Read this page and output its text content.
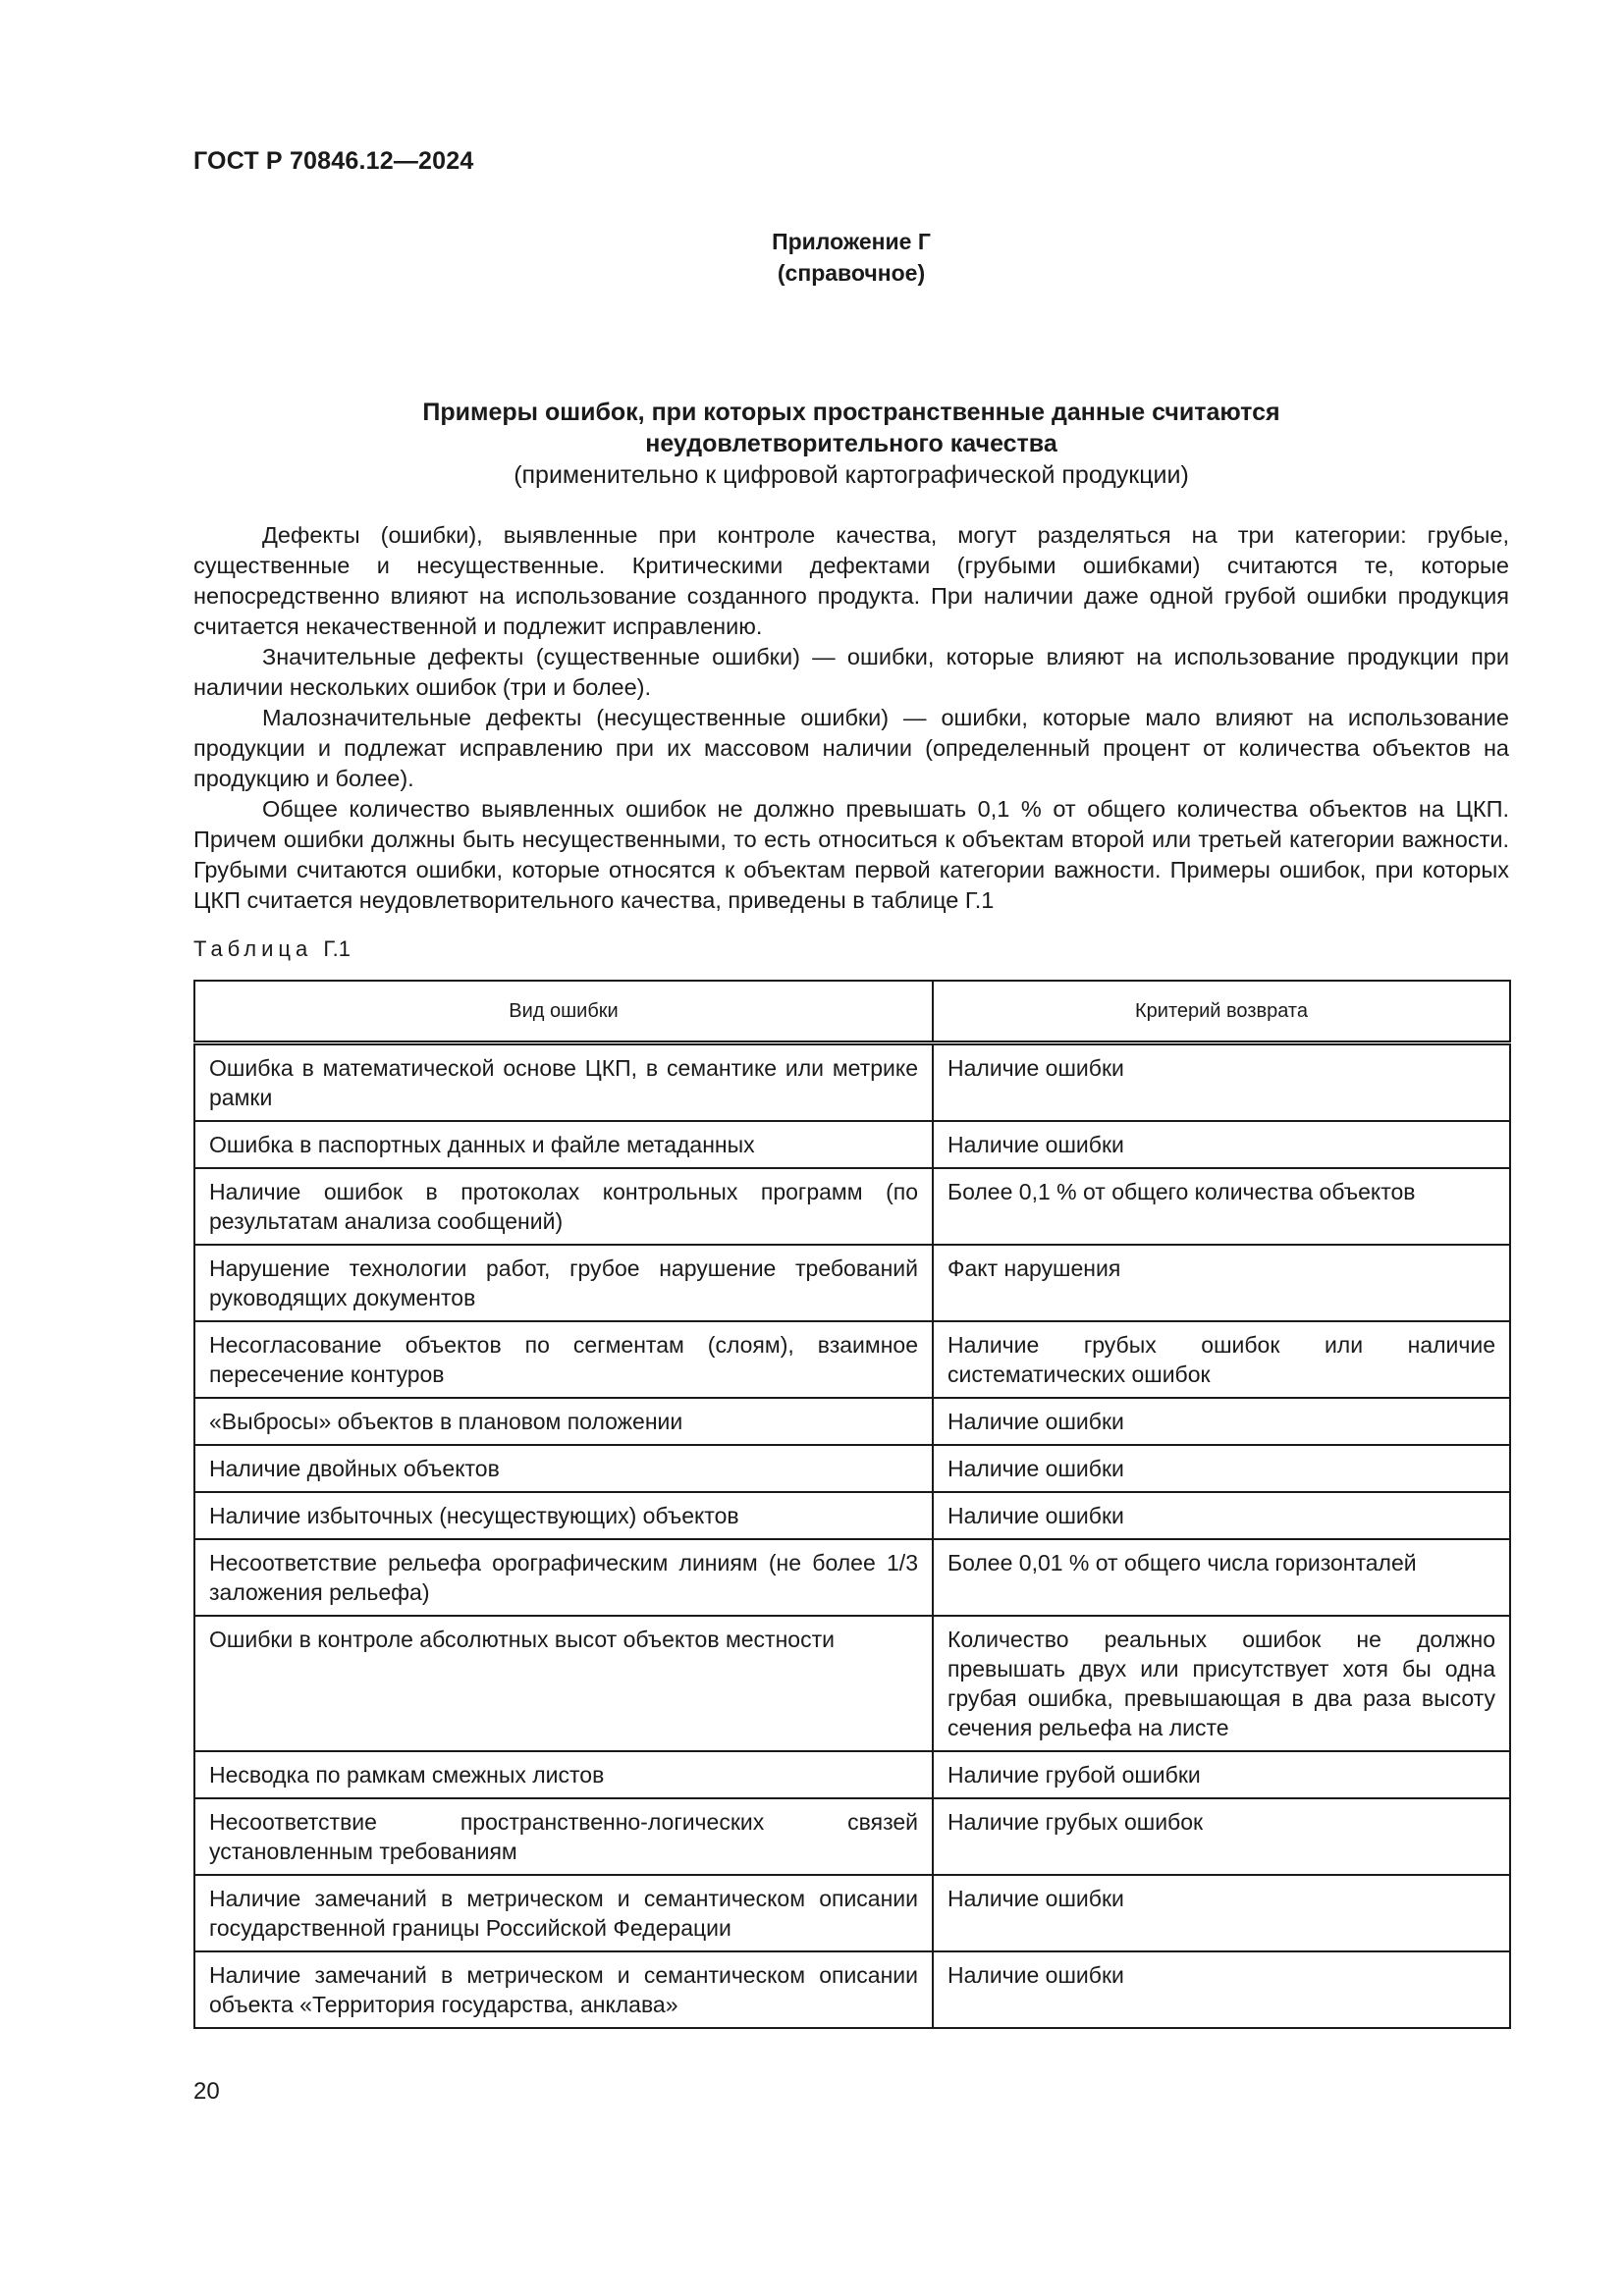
ГОСТ Р 70846.12—2024
Приложение Г
(справочное)
Примеры ошибок, при которых пространственные данные считаются
неудовлетворительного качества
(применительно к цифровой картографической продукции)

Дефекты (ошибки), выявленные при контроле качества, могут разделяться на три категории: грубые, существенные и несущественные. Критическими дефектами (грубыми ошибками) считаются те, которые непосредственно влияют на использование созданного продукта. При наличии даже одной грубой ошибки продукция считается некачественной и подлежит исправлению.

Значительные дефекты (существенные ошибки) — ошибки, которые влияют на использование продукции при наличии нескольких ошибок (три и более).

Малозначительные дефекты (несущественные ошибки) — ошибки, которые мало влияют на использование продукции и подлежат исправлению при их массовом наличии (определенный процент от количества объектов на продукцию и более).

Общее количество выявленных ошибок не должно превышать 0,1 % от общего количества объектов на ЦКП. Причем ошибки должны быть несущественными, то есть относиться к объектам второй или третьей категории важности. Грубыми считаются ошибки, которые относятся к объектам первой категории важности. Примеры ошибок, при которых ЦКП считается неудовлетворительного качества, приведены в таблице Г.1

Таблица Г.1
Вид ошибки	Критерий возврата
Ошибка в математической основе ЦКП, в семантике или метрике рамки	Наличие ошибки
Ошибка в паспортных данных и файле метаданных	Наличие ошибки
Наличие ошибок в протоколах контрольных программ (по результатам анализа сообщений)	Более 0,1 % от общего количества объектов
Нарушение технологии работ, грубое нарушение требований руководящих документов	Факт нарушения
Несогласование объектов по сегментам (слоям), взаимное пересечение контуров	Наличие грубых ошибок или наличие систематических ошибок
«Выбросы» объектов в плановом положении	Наличие ошибки
Наличие двойных объектов	Наличие ошибки
Наличие избыточных (несуществующих) объектов	Наличие ошибки
Несоответствие рельефа орографическим линиям (не более 1/3 заложения рельефа)	Более 0,01 % от общего числа горизонталей
Ошибки в контроле абсолютных высот объектов местности	Количество реальных ошибок не должно превышать двух или присутствует хотя бы одна грубая ошибка, превышающая в два раза высоту сечения рельефа на листе
Несводка по рамкам смежных листов	Наличие грубой ошибки
Несоответствие пространственно-логических связей установленным требованиям	Наличие грубых ошибок
Наличие замечаний в метрическом и семантическом описании государственной границы Российской Федерации	Наличие ошибки
Наличие замечаний в метрическом и семантическом описании объекта «Территория государства, анклава»	Наличие ошибки
20
